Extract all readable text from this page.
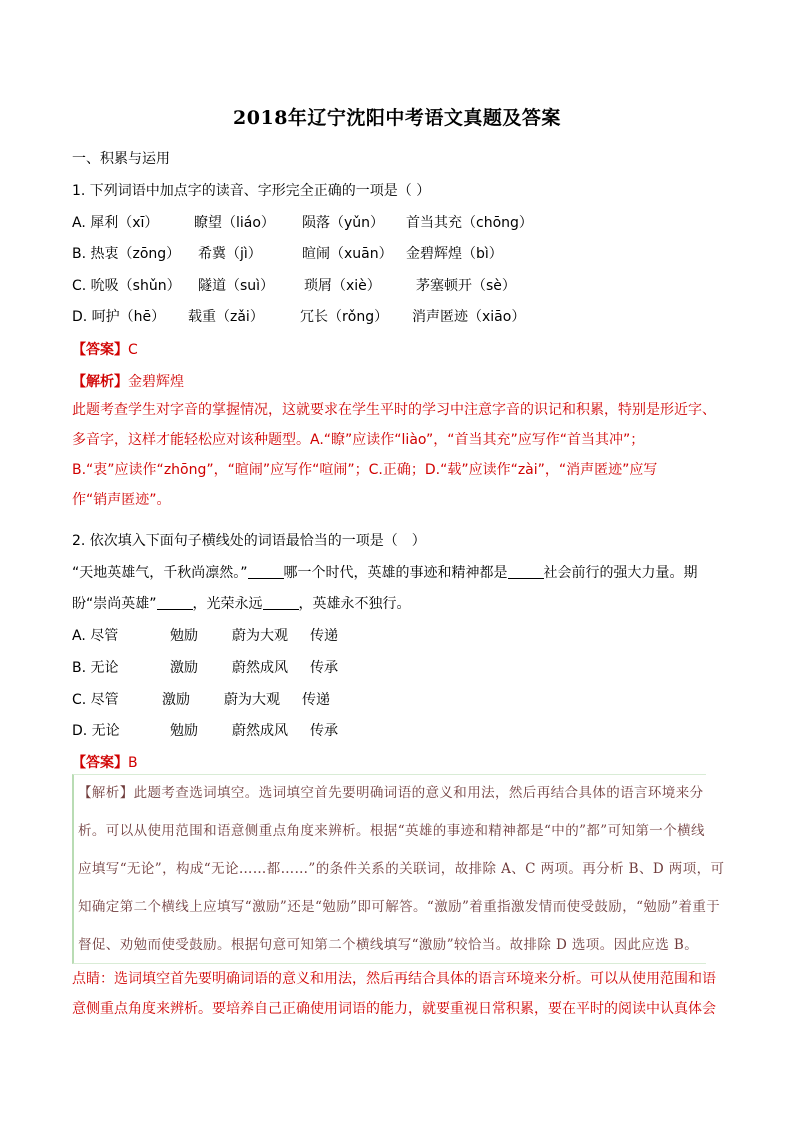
2018年辽宁沈阳中考语文真题及答案
一、积累与运用
1. 下列词语中加点字的读音、字形完全正确的一项是（ ）
A. 犀利（xī）	瞭望（liáo） 陨落（yǔn） 首当其充（chōng）
B. 热衷（zōng） 希冀（jì）	暄闹（xuān） 金碧辉煌（bì）
C. 吮吸（shǔn） 隧道（suì） 琐屑（xiè）	茅塞顿开（sè）
D. 呵护（hē） 载重（zǎi）	冗长（rǒng） 消声匿迹（xiāo）
【答案】C
【解析】金碧辉煌
此题考查学生对字音的掌握情况，这就要求在学生平时的学习中注意字音的识记和积累，特别是形近字、
多音字，这样才能轻松应对该种题型。A.“瞭”应读作“liào”，“首当其充”应写作“首当其冲”；
B.“衷”应读作“zhōng”，“暄闹”应写作“喧闹”；C.正确；D.“载”应读作“zài”，“消声匿迹”应写
作“销声匿迹”。
2. 依次填入下面句子横线处的词语最恰当的一项是（　）
“天地英雄气，千秋尚凛然。”	哪一个时代，英雄的事迹和精神都是	社会前行的强大力量。期
盼“崇尚英雄”	，光荣永远	，英雄永不独行。
A. 尽管	勉励 蔚为大观 传递
B. 无论	激励 蔚然成风 传承
C. 尽管	激励 蔚为大观 传递
D. 无论	勉励 蔚然成风 传承
【答案】B
【解析】此题考查选词填空。选词填空首先要明确词语的意义和用法，然后再结合具体的语言环境来分
析。可以从使用范围和语意侧重点角度来辨析。根据“英雄的事迹和精神都是“中的”都”可知第一个横线
应填写“无论”，构成“无论……都……”的条件关系的关联词，故排除 A、C 两项。再分析 B、D 两项，可
知确定第二个横线上应填写“激励”还是“勉励”即可解答。“激励”着重指激发情而使受鼓励，“勉励”着重于
督促、劝勉而使受鼓励。根据句意可知第二个横线填写“激励”较恰当。故排除 D 选项。因此应选 B。
点睛：选词填空首先要明确词语的意义和用法，然后再结合具体的语言环境来分析。可以从使用范围和语
意侧重点角度来辨析。要培养自己正确使用词语的能力，就要重视日常积累，要在平时的阅读中认真体会
